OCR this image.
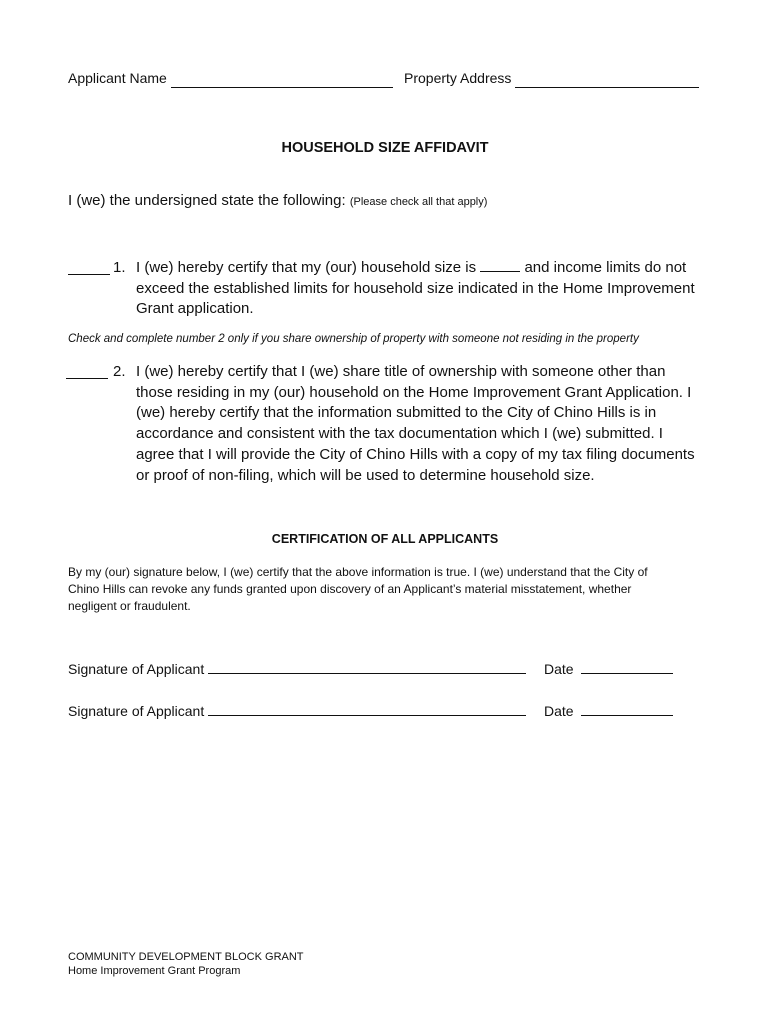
Applicant Name	Property Address
HOUSEHOLD SIZE AFFIDAVIT
I (we) the undersigned state the following: (Please check all that apply)
1. I (we) hereby certify that my (our) household size is	and income limits do not
exceed the established limits for household size indicated in the Home Improvement
Grant application.
Check and complete number 2 only if you share ownership of property with someone not residing in the property
2. I (we) hereby certify that I (we) share title of ownership with someone other than
those residing in my (our) household on the Home Improvement Grant Application. I
(we) hereby certify that the information submitted to the City of Chino Hills is in
accordance and consistent with the tax documentation which I (we) submitted. I
agree that I will provide the City of Chino Hills with a copy of my tax filing documents
or proof of non-filing, which will be used to determine household size.
CERTIFICATION OF ALL APPLICANTS
By my (our) signature below, I (we) certify that the above information is true. I (we) understand that the City of
Chino Hills can revoke any funds granted upon discovery of an Applicant’s material misstatement, whether
negligent or fraudulent.
Signature of Applicant	Date
Signature of Applicant	Date
COMMUNITY DEVELOPMENT BLOCK GRANT
Home Improvement Grant Program
